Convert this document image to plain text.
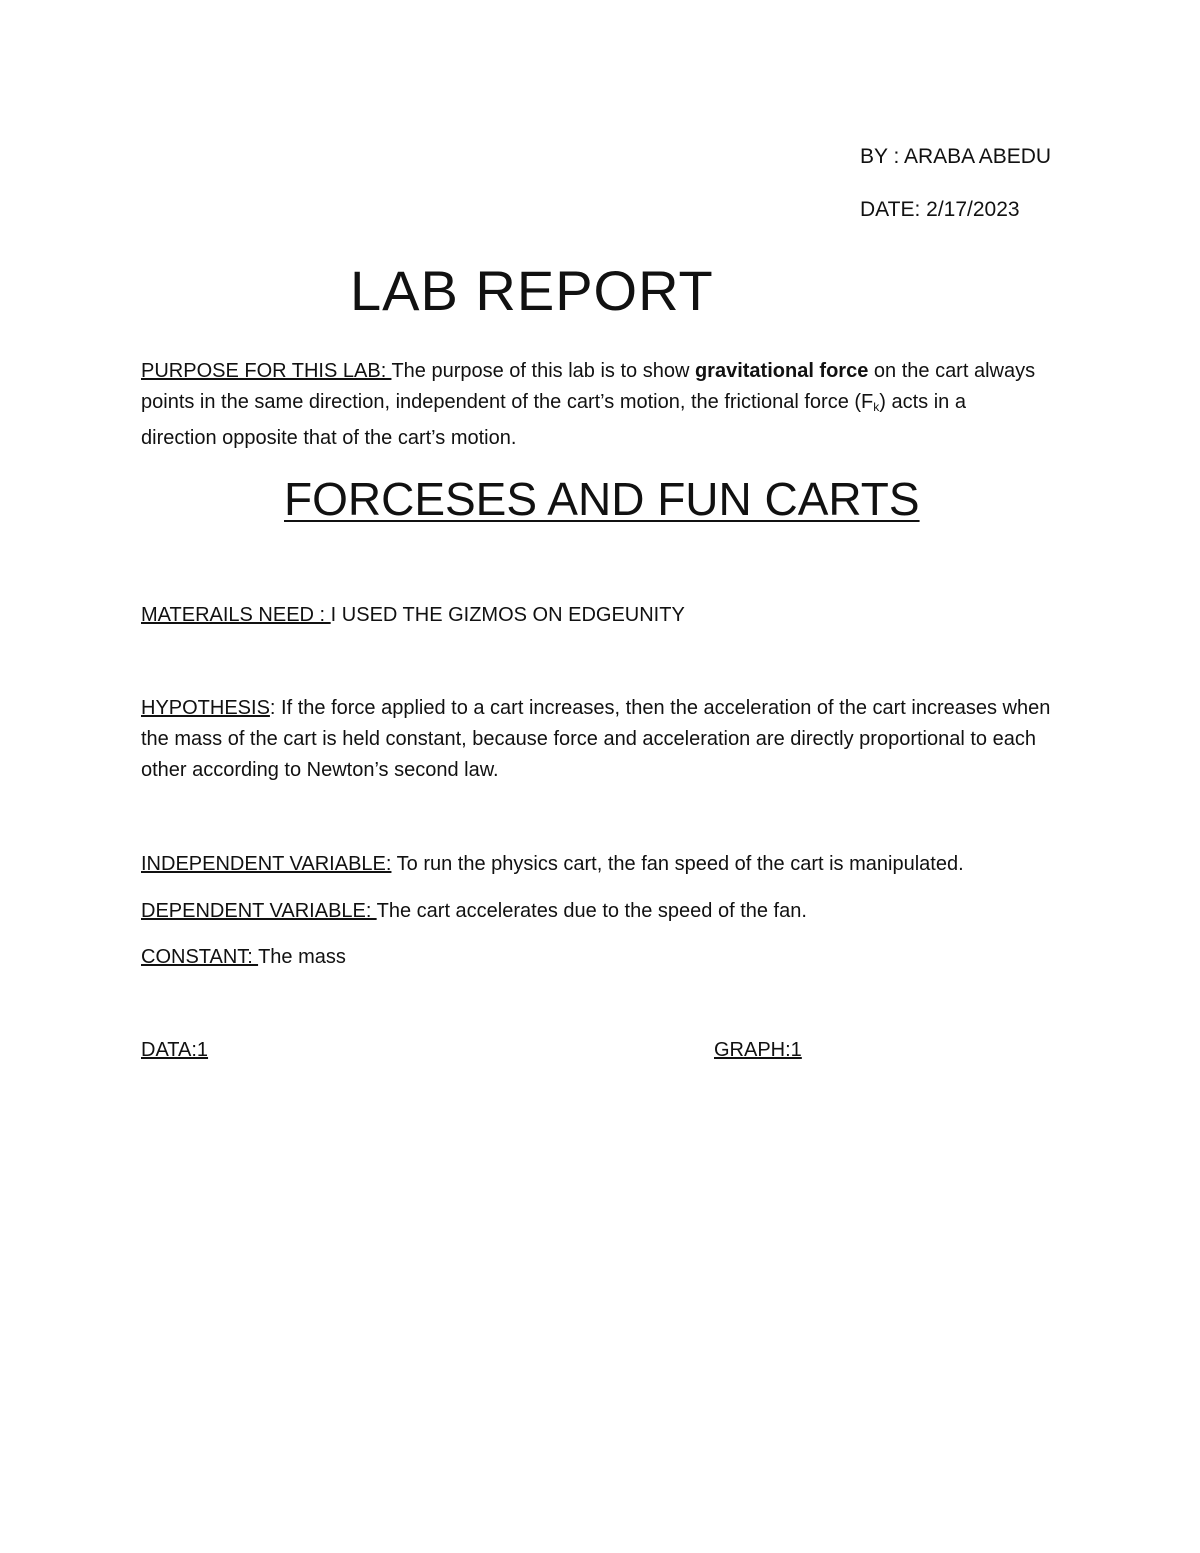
BY : ARABA ABEDU
DATE: 2/17/2023
LAB REPORT
PURPOSE FOR THIS LAB: The purpose of this lab is to show gravitational force on the cart always points in the same direction, independent of the cart’s motion, the frictional force $(F_k)$ acts in a direction opposite that of the cart’s motion.
FORCESES AND FUN CARTS
MATERAILS NEED : I USED THE GIZMOS ON EDGEUNITY
HYPOTHESIS: If the force applied to a cart increases, then the acceleration of the cart increases when the mass of the cart is held constant, because force and acceleration are directly proportional to each other according to Newton’s second law.
INDEPENDENT VARIABLE: To run the physics cart, the fan speed of the cart is manipulated.
DEPENDENT VARIABLE: The cart accelerates due to the speed of the fan.
CONSTANT: The mass
DATA:1	GRAPH:1
